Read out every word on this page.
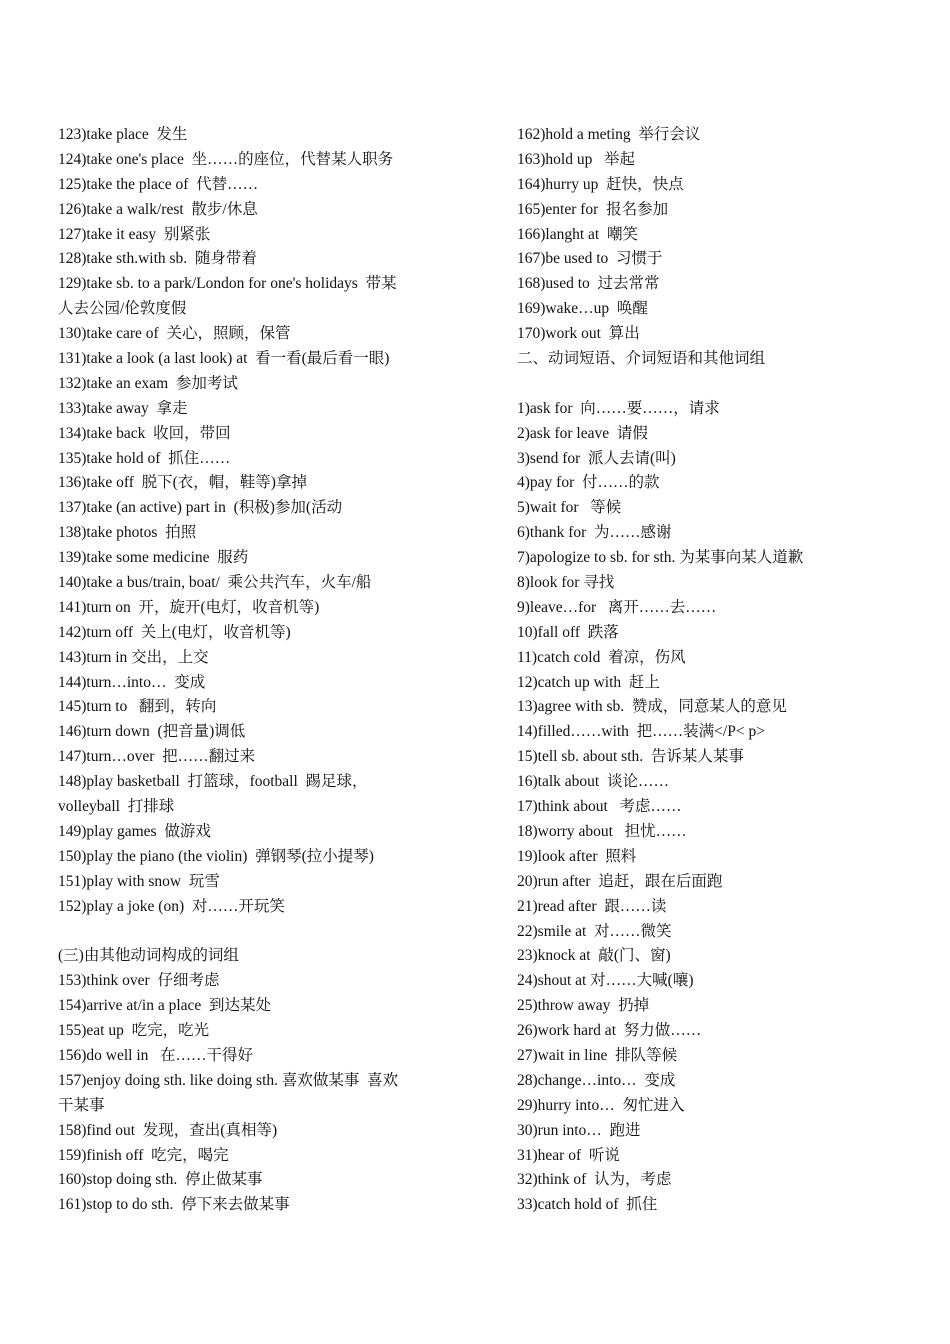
123)take place  发生
124)take one's place  坐……的座位，代替某人职务
125)take the place of  代替……
126)take a walk/rest  散步/休息
127)take it easy  别紧张
128)take sth.with sb.  随身带着
129)take sb. to a park/London for one's holidays  带某
人去公园/伦敦度假
130)take care of  关心，照顾，保管
131)take a look (a last look) at  看一看(最后看一眼)
132)take an exam  参加考试
133)take away  拿走
134)take back  收回，带回
135)take hold of  抓住……
136)take off  脱下(衣，帽，鞋等)拿掉
137)take (an active) part in  (积极)参加(活动
138)take photos  拍照
139)take some medicine  服药
140)take a bus/train, boat/  乘公共汽车，火车/船
141)turn on  开，旋开(电灯，收音机等)
142)turn off  关上(电灯，收音机等)
143)turn in 交出，上交
144)turn…into…  变成
145)turn to   翻到，转向
146)turn down  (把音量)调低
147)turn…over  把……翻过来
148)play basketball  打篮球，football  踢足球，
volleyball  打排球
149)play games  做游戏
150)play the piano (the violin)  弹钢琴(拉小提琴)
151)play with snow  玩雪
152)play a joke (on)  对……开玩笑
(三)由其他动词构成的词组
153)think over  仔细考虑
154)arrive at/in a place  到达某处
155)eat up  吃完，吃光
156)do well in   在……干得好
157)enjoy doing sth. like doing sth. 喜欢做某事  喜欢
干某事
158)find out  发现，查出(真相等)
159)finish off  吃完，喝完
160)stop doing sth.  停止做某事
161)stop to do sth.  停下来去做某事
162)hold a meting  举行会议
163)hold up   举起
164)hurry up  赶快，快点
165)enter for  报名参加
166)langht at  嘲笑
167)be used to  习惯于
168)used to  过去常常
169)wake…up  唤醒
170)work out  算出
二、动词短语、介词短语和其他词组
1)ask for  向……要……，请求
2)ask for leave  请假
3)send for  派人去请(叫)
4)pay for  付……的款
5)wait for   等候
6)thank for  为……感谢
7)apologize to sb. for sth. 为某事向某人道歉
8)look for 寻找
9)leave…for   离开……去……
10)fall off  跌落
11)catch cold  着凉，伤风
12)catch up with  赶上
13)agree with sb.  赞成，同意某人的意见
14)filled……with  把……装满</P< p>
15)tell sb. about sth.  告诉某人某事
16)talk about  谈论……
17)think about   考虑……
18)worry about   担忧……
19)look after  照料
20)run after  追赶，跟在后面跑
21)read after  跟……读
22)smile at  对……微笑
23)knock at  敲(门、窗)
24)shout at 对……大喊(嚷)
25)throw away  扔掉
26)work hard at  努力做……
27)wait in line  排队等候
28)change…into…  变成
29)hurry into…  匆忙进入
30)run into…  跑进
31)hear of  听说
32)think of  认为，考虑
33)catch hold of  抓住
